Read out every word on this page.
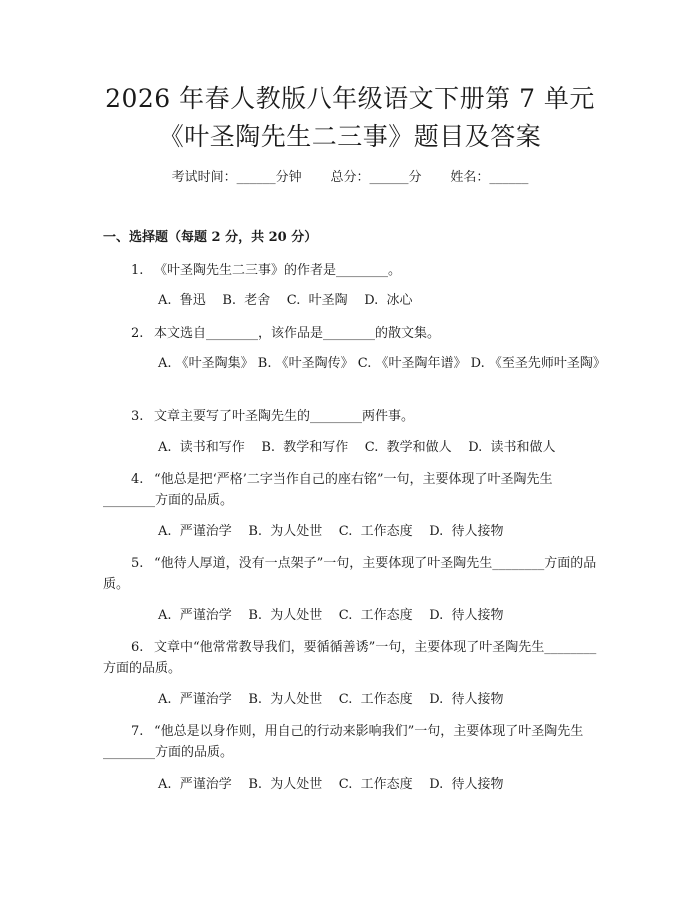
2026 年春人教版八年级语文下册第 7 单元
《叶圣陶先生二三事》题目及答案
考试时间：______分钟       总分：______分       姓名：______
一、选择题（每题 2 分，共 20 分）
1. 《叶圣陶先生二三事》的作者是________。
A.  鲁迅    B.  老舍    C.  叶圣陶    D.  冰心
2. 本文选自________，该作品是________的散文集。
A. 《叶圣陶集》 B. 《叶圣陶传》 C. 《叶圣陶年谱》 D. 《至圣先师叶圣陶》
3. 文章主要写了叶圣陶先生的________两件事。
A.  读书和写作    B.  教学和写作    C.  教学和做人    D.  读书和做人
4. “他总是把‘严格’二字当作自己的座右铭”一句，主要体现了叶圣陶先生________方面的品质。
A.  严谨治学    B.  为人处世    C.  工作态度    D.  待人接物
5. “他待人厚道，没有一点架子”一句，主要体现了叶圣陶先生________方面的品质。
A.  严谨治学    B.  为人处世    C.  工作态度    D.  待人接物
6. 文章中“他常常教导我们，要循循善诱”一句，主要体现了叶圣陶先生________方面的品质。
A.  严谨治学    B.  为人处世    C.  工作态度    D.  待人接物
7. “他总是以身作则，用自己的行动来影响我们”一句，主要体现了叶圣陶先生________方面的品质。
A.  严谨治学    B.  为人处世    C.  工作态度    D.  待人接物
